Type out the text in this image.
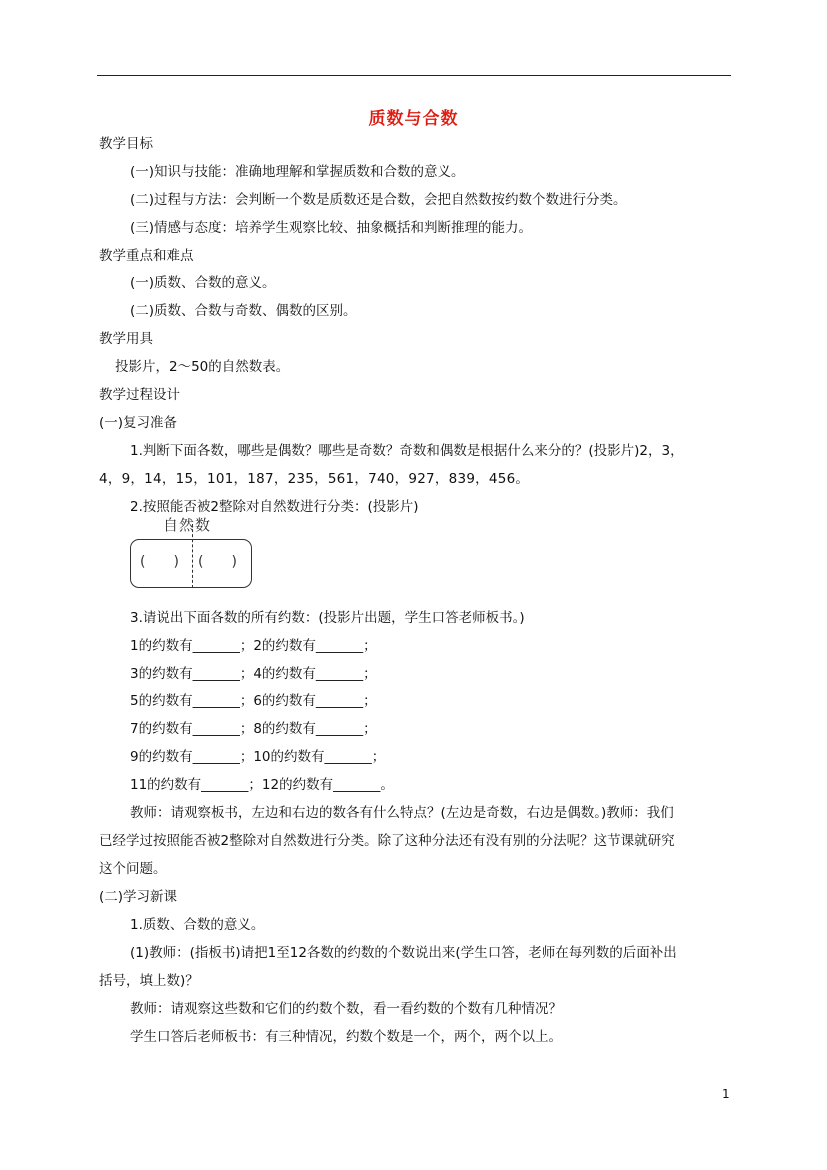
质数与合数
教学目标
(一)知识与技能：准确地理解和掌握质数和合数的意义。
(二)过程与方法：会判断一个数是质数还是合数，会把自然数按约数个数进行分类。
(三)情感与态度：培养学生观察比较、抽象概括和判断推理的能力。
教学重点和难点
(一)质数、合数的意义。
(二)质数、合数与奇数、偶数的区别。
教学用具
投影片，2～50的自然数表。
教学过程设计
(一)复习准备
1.判断下面各数，哪些是偶数？哪些是奇数？奇数和偶数是根据什么来分的？(投影片)2，3，
4，9，14，15，101，187，235，561，740，927，839，456。
2.按照能否被2整除对自然数进行分类：(投影片)
自然数
(　　) (　　)
3.请说出下面各数的所有约数：(投影片出题，学生口答老师板书。)
1的约数有_______；2的约数有_______；
3的约数有_______；4的约数有_______；
5的约数有_______；6的约数有_______；
7的约数有_______；8的约数有_______；
9的约数有_______；10的约数有_______；
11的约数有_______；12的约数有_______。
教师：请观察板书，左边和右边的数各有什么特点？(左边是奇数，右边是偶数。)教师：我们
已经学过按照能否被2整除对自然数进行分类。除了这种分法还有没有别的分法呢？这节课就研究
这个问题。
(二)学习新课
1.质数、合数的意义。
(1)教师：(指板书)请把1至12各数的约数的个数说出来(学生口答，老师在每列数的后面补出
括号，填上数)？
教师：请观察这些数和它们的约数个数，看一看约数的个数有几种情况？
学生口答后老师板书：有三种情况，约数个数是一个，两个，两个以上。
1
